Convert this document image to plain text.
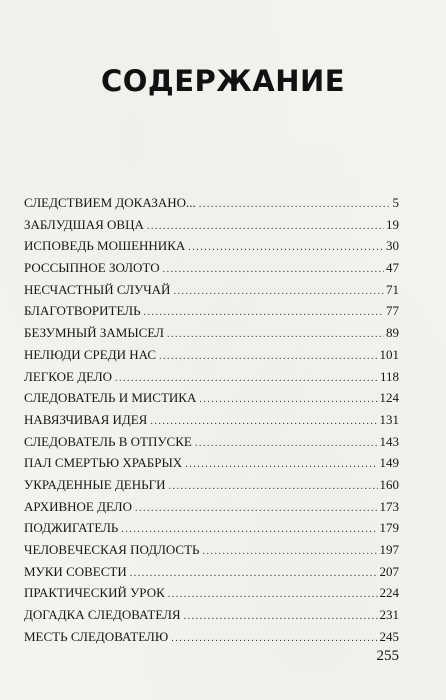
СОДЕРЖАНИЕ
СЛЕДСТВИЕМ ДОКАЗАНО... .....	5
ЗАБЛУДШАЯ ОВЦА .....	19
ИСПОВЕДЬ МОШЕННИКА .....	30
РОССЫПНОЕ ЗОЛОТО .....	47
НЕСЧАСТНЫЙ СЛУЧАЙ .....	71
БЛАГОТВОРИТЕЛЬ .....	77
БЕЗУМНЫЙ ЗАМЫСЕЛ .....	89
НЕЛЮДИ СРЕДИ НАС .....	101
ЛЕГКОЕ ДЕЛО .....	118
СЛЕДОВАТЕЛЬ И МИСТИКА .....	124
НАВЯЗЧИВАЯ ИДЕЯ .....	131
СЛЕДОВАТЕЛЬ В ОТПУСКЕ .....	143
ПАЛ СМЕРТЬЮ ХРАБРЫХ .....	149
УКРАДЕННЫЕ ДЕНЬГИ .....	160
АРХИВНОЕ ДЕЛО .....	173
ПОДЖИГАТЕЛЬ .....	179
ЧЕЛОВЕЧЕСКАЯ ПОДЛОСТЬ .....	197
МУКИ СОВЕСТИ .....	207
ПРАКТИЧЕСКИЙ УРОК .....	224
ДОГАДКА СЛЕДОВАТЕЛЯ .....	231
МЕСТЬ СЛЕДОВАТЕЛЮ .....	245
255
